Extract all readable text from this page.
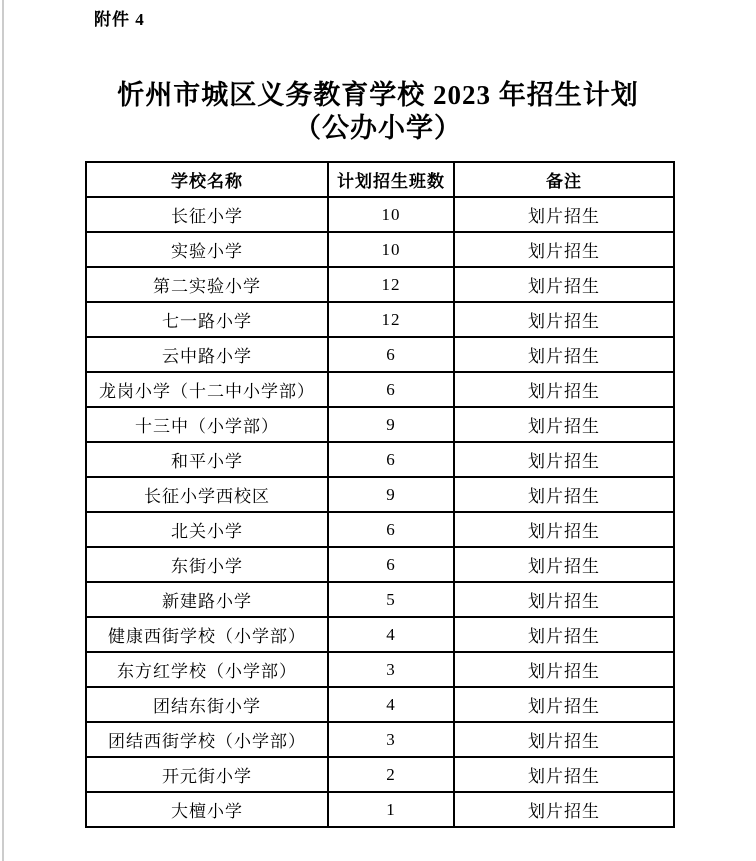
附件 4
忻州市城区义务教育学校 2023 年招生计划
（公办小学）
学校名称	计划招生班数	备注
长征小学	10	划片招生
实验小学	10	划片招生
第二实验小学	12	划片招生
七一路小学	12	划片招生
云中路小学	6	划片招生
龙岗小学（十二中小学部）	6	划片招生
十三中（小学部）	9	划片招生
和平小学	6	划片招生
长征小学西校区	9	划片招生
北关小学	6	划片招生
东街小学	6	划片招生
新建路小学	5	划片招生
健康西街学校（小学部）	4	划片招生
东方红学校（小学部）	3	划片招生
团结东街小学	4	划片招生
团结西街学校（小学部）	3	划片招生
开元街小学	2	划片招生
大檀小学	1	划片招生
